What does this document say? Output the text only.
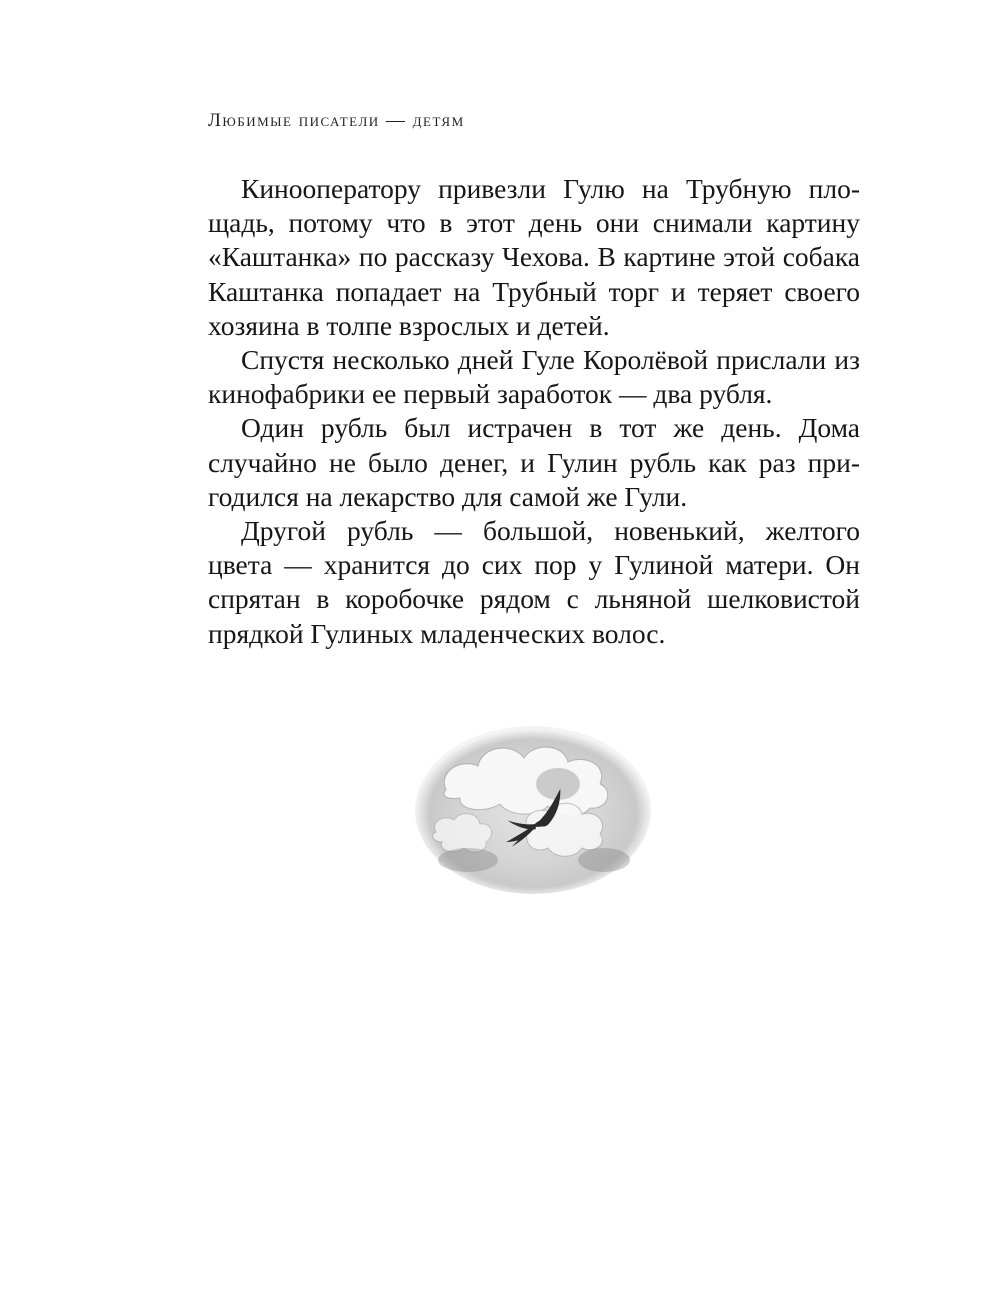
Любимые писатели — детям

Кинооператору привезли Гулю на Трубную площадь, потому что в этот день они снимали картину «Каштанка» по рассказу Чехова. В картине этой собака Каштанка попадает на Трубный торг и теряет своего хозяина в толпе взрослых и детей.

Спустя несколько дней Гуле Королёвой прислали из кинофабрики ее первый заработок — два рубля.

Один рубль был истрачен в тот же день. Дома случайно не было денег, и Гулин рубль как раз пригодился на лекарство для самой же Гули.

Другой рубль — большой, новенький, желтого цвета — хранится до сих пор у Гулиной матери. Он спрятан в коробочке рядом с льняной шелковистой прядкой Гулиных младенческих волос.
